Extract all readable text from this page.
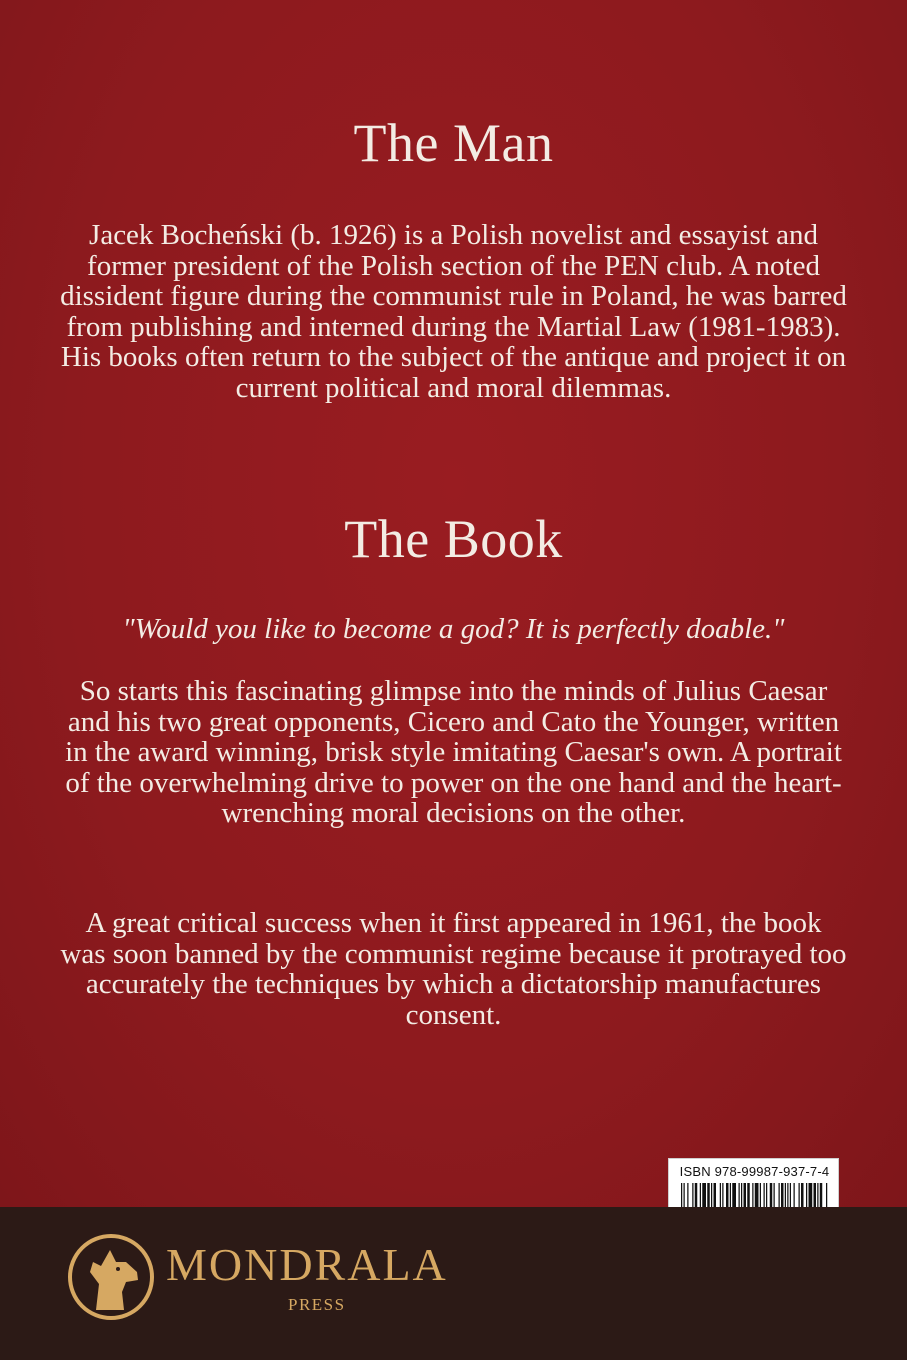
The Man

Jacek Bocheński (b. 1926) is a Polish novelist and essayist and former president of the Polish section of the PEN club. A noted dissident figure during the communist rule in Poland, he was barred from publishing and interned during the Martial Law (1981-1983). His books often return to the subject of the antique and project it on current political and moral dilemmas.

The Book

"Would you like to become a god? It is perfectly doable."

So starts this fascinating glimpse into the minds of Julius Caesar and his two great opponents, Cicero and Cato the Younger, written in the award winning, brisk style imitating Caesar's own. A portrait of the overwhelming drive to power on the one hand and the heart-wrenching moral decisions on the other.

A great critical success when it first appeared in 1961, the book was soon banned by the communist regime because it protrayed too accurately the techniques by which a dictatorship manufactures consent.

ISBN 978-99987-937-7-4
MONDRALA
PRESS
